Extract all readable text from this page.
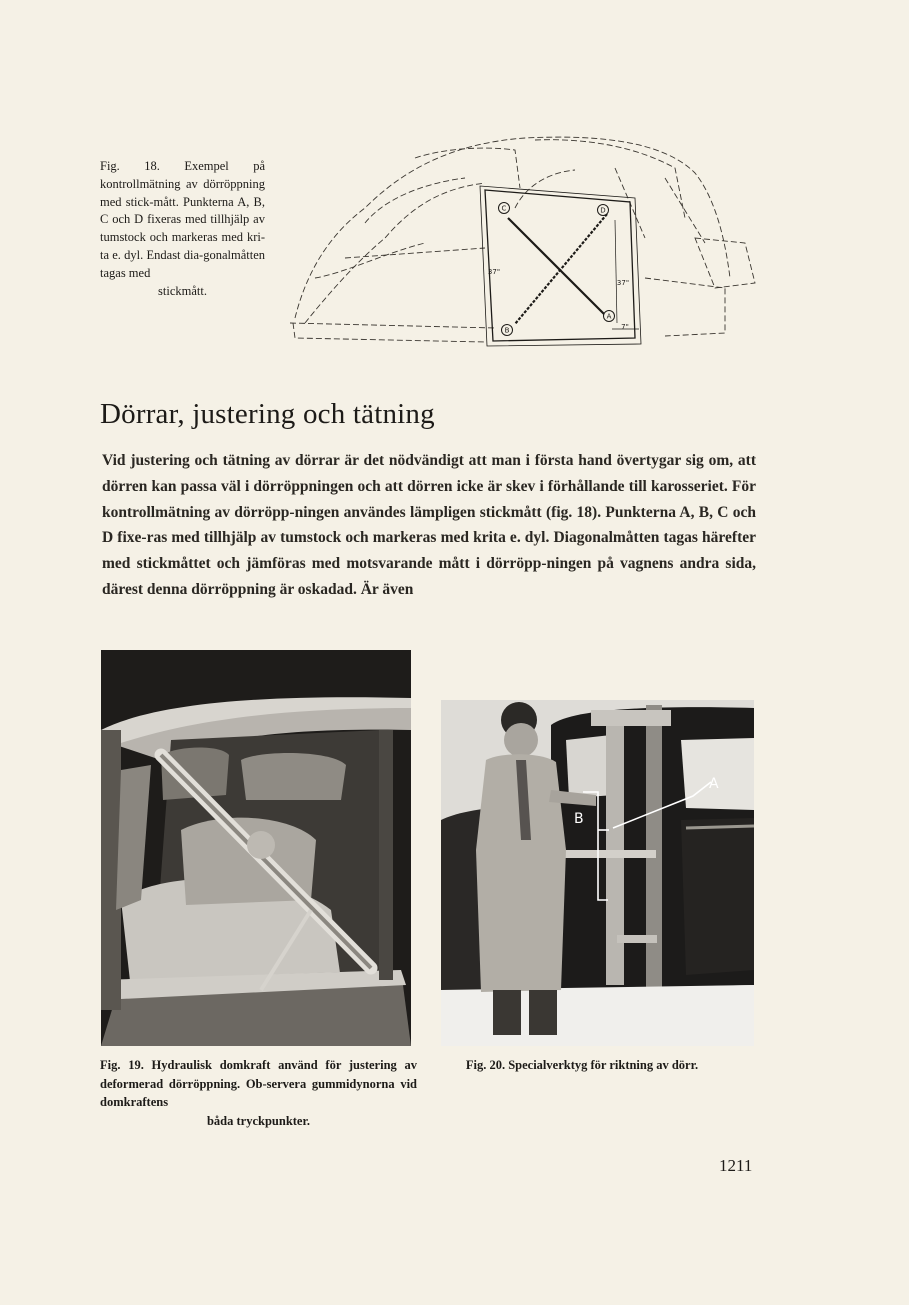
Fig. 18. Exempel på kontrollmätning av dörröppning med stick-mått. Punkterna A, B, C och D fixeras med tillhjälp av tumstock och markeras med kri-ta e. dyl. Endast dia-gonalmåtten tagas med
stickmått.
C	D
B
A
37"
37"
7"
Dörrar, justering och tätning
Vid justering och tätning av dörrar är det nödvändigt att man i första hand övertygar sig om, att dörren kan passa väl i dörröppningen och att dörren icke är skev i förhållande till karosseriet. För kontrollmätning av dörröpp-ningen användes lämpligen stickmått (fig. 18). Punkterna A, B, C och D fixe-ras med tillhjälp av tumstock och markeras med krita e. dyl. Diagonalmåtten tagas härefter med stickmåttet och jämföras med motsvarande mått i dörröpp-ningen på vagnens andra sida, därest denna dörröppning är oskadad. Är även
A
B
Fig. 19. Hydraulisk domkraft använd för justering av deformerad dörröppning. Ob-servera gummidynorna vid domkraftens
båda tryckpunkter.
Fig. 20. Specialverktyg för riktning av dörr.
1211
